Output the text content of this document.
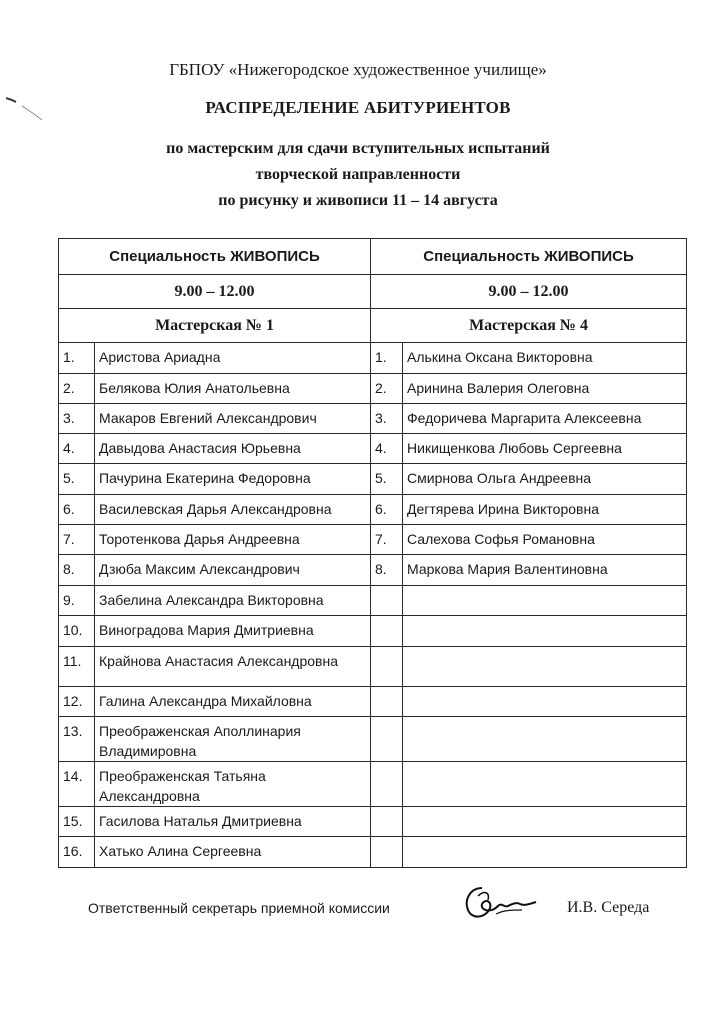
ГБПОУ «Нижегородское художественное училище»
РАСПРЕДЕЛЕНИЕ АБИТУРИЕНТОВ
по мастерским для сдачи вступительных испытаний
творческой направленности
по рисунку и живописи 11 – 14 августа
Специальность ЖИВОПИСЬ		Специальность ЖИВОПИСЬ	
9.00 – 12.00		9.00 – 12.00	
Мастерская № 1		Мастерская № 4	
1.	Аристова Ариадна	1.	Алькина Оксана Викторовна
2.	Белякова Юлия Анатольевна	2.	Аринина Валерия Олеговна
3.	Макаров Евгений Александрович	3.	Федоричева Маргарита Алексеевна
4.	Давыдова Анастасия Юрьевна	4.	Никищенкова Любовь Сергеевна
5.	Пачурина Екатерина Федоровна	5.	Смирнова Ольга Андреевна
6.	Василевская Дарья Александровна	6.	Дегтярева Ирина Викторовна
7.	Торотенкова Дарья Андреевна	7.	Салехова Софья Романовна
8.	Дзюба Максим Александрович	8.	Маркова Мария Валентиновна
9.	Забелина Александра Викторовна		
10.	Виноградова Мария Дмитриевна		
11.	Крайнова Анастасия Александровна		
12.	Галина Александра Михайловна		
13.	Преображенская Аполлинария Владимировна		
14.	Преображенская Татьяна Александровна		
15.	Гасилова Наталья Дмитриевна		
16.	Хатько Алина Сергеевна		
Ответственный секретарь приемной комиссии	И.В. Середа
